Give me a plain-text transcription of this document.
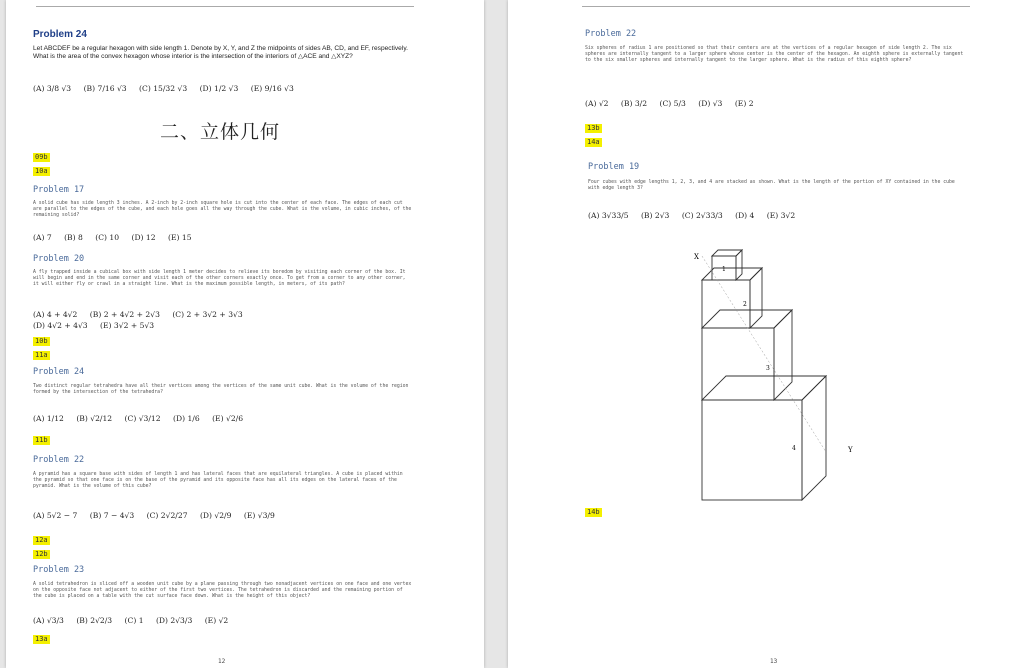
Problem 24
Let ABCDEF be a regular hexagon with side length 1. Denote by X, Y, and Z the midpoints of sides AB, CD, and EF, respectively. What is the area of the convex hexagon whose interior is the intersection of the interiors of △ACE and △XYZ?
(A) 3/8 √3 (B) 7/16 √3 (C) 15/32 √3 (D) 1/2 √3 (E) 9/16 √3
二、立体几何
09b
10a
Problem 17
A solid cube has side length 3 inches. A 2-inch by 2-inch square hole is cut into the center of each face. The edges of each cut are parallel to the edges of the cube, and each hole goes all the way through the cube. What is the volume, in cubic inches, of the remaining solid?
(A) 7 (B) 8 (C) 10 (D) 12 (E) 15
Problem 20
A fly trapped inside a cubical box with side length 1 meter decides to relieve its boredom by visiting each corner of the box. It will begin and end in the same corner and visit each of the other corners exactly once. To get from a corner to any other corner, it will either fly or crawl in a straight line. What is the maximum possible length, in meters, of its path?
(A) 4 + 4√2 (B) 2 + 4√2 + 2√3 (C) 2 + 3√2 + 3√3
(D) 4√2 + 4√3 (E) 3√2 + 5√3
10b
11a
Problem 24
Two distinct regular tetrahedra have all their vertices among the vertices of the same unit cube. What is the volume of the region formed by the intersection of the tetrahedra?
(A) 1/12 (B) √2/12 (C) √3/12 (D) 1/6 (E) √2/6
11b
Problem 22
A pyramid has a square base with sides of length 1 and has lateral faces that are equilateral triangles. A cube is placed within the pyramid so that one face is on the base of the pyramid and its opposite face has all its edges on the lateral faces of the pyramid. What is the volume of this cube?
(A) 5√2 − 7 (B) 7 − 4√3 (C) 2√2/27 (D) √2/9 (E) √3/9
12a
12b
Problem 23
A solid tetrahedron is sliced off a wooden unit cube by a plane passing through two nonadjacent vertices on one face and one vertex on the opposite face not adjacent to either of the first two vertices. The tetrahedron is discarded and the remaining portion of the cube is placed on a table with the cut surface face down. What is the height of this object?
(A) √3/3 (B) 2√2/3 (C) 1 (D) 2√3/3 (E) √2
13a
12
Problem 22
Six spheres of radius 1 are positioned so that their centers are at the vertices of a regular hexagon of side length 2. The six spheres are internally tangent to a larger sphere whose center is the center of the hexagon. An eighth sphere is externally tangent to the six smaller spheres and internally tangent to the larger sphere. What is the radius of this eighth sphere?
(A) √2 (B) 3/2 (C) 5/3 (D) √3 (E) 2
13b
14a
Problem 19
Four cubes with edge lengths 1, 2, 3, and 4 are stacked as shown. What is the length of the portion of XY contained in the cube with edge length 3?
(A) 3√33/5 (B) 2√3 (C) 2√33/3 (D) 4 (E) 3√2
X
Y
1
2
3
4
14b
13
